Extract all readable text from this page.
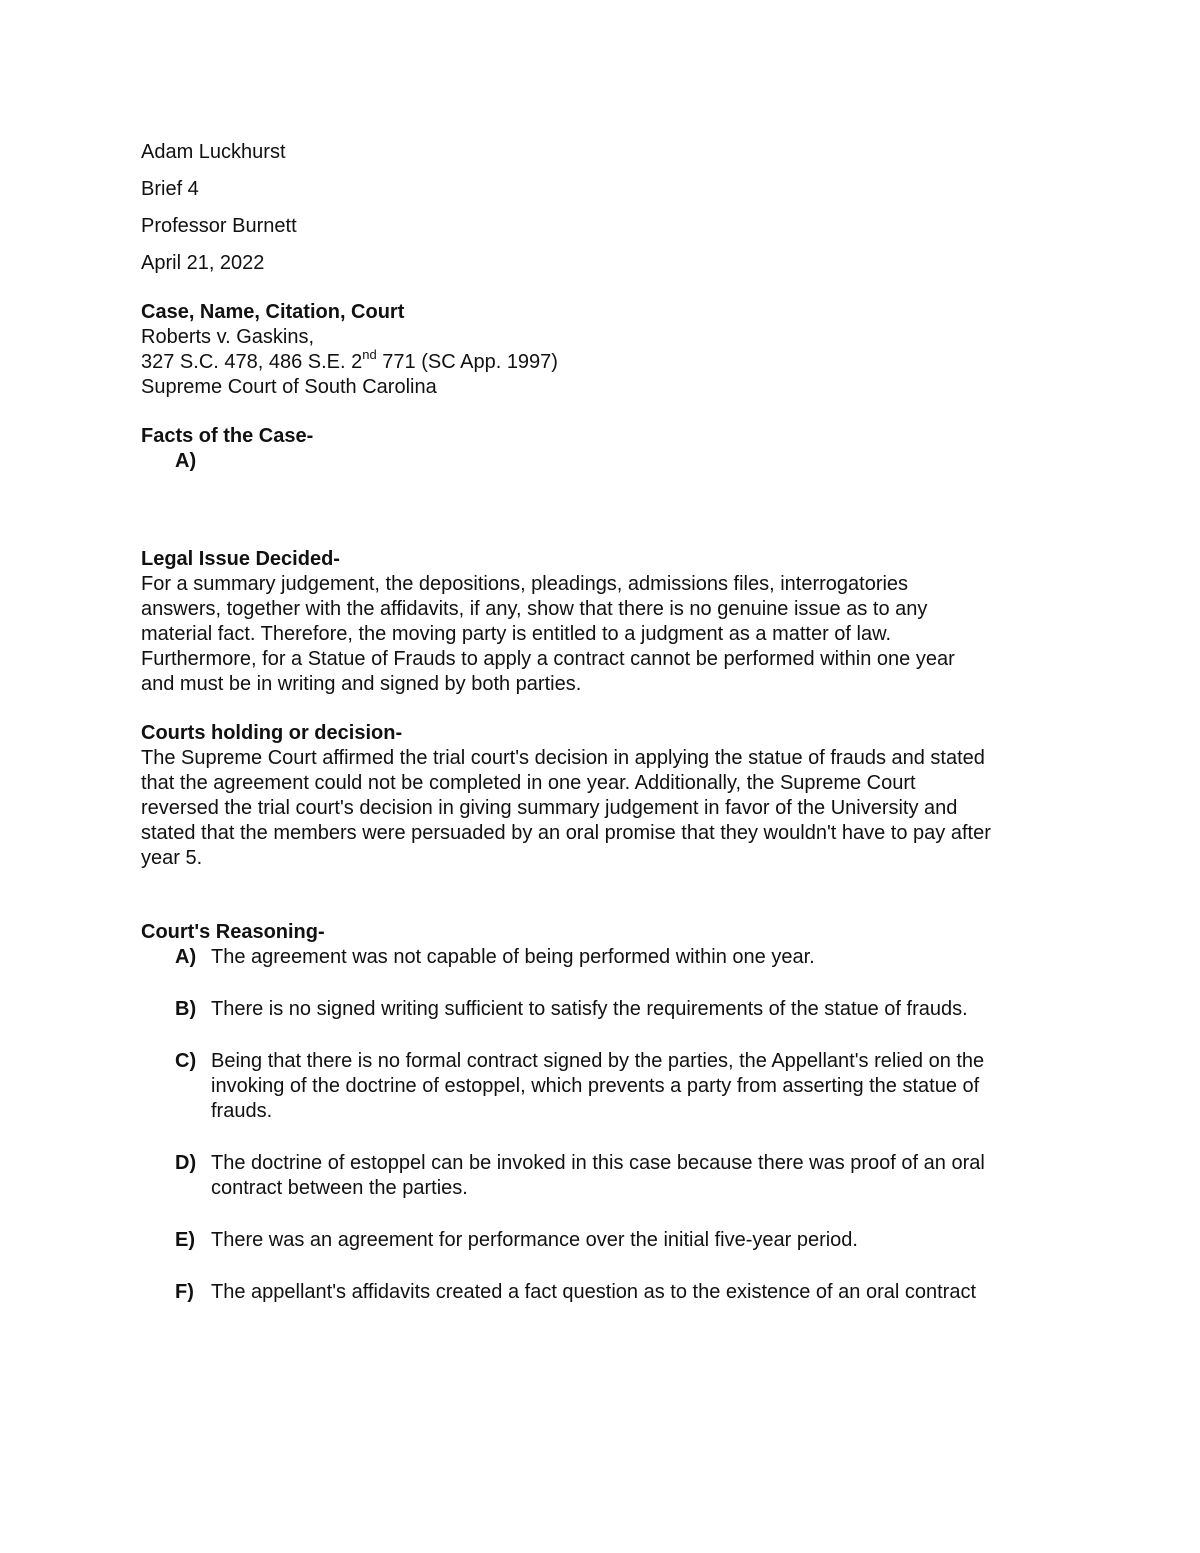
Adam Luckhurst
Brief 4
Professor Burnett
April 21, 2022
Case, Name, Citation, Court
Roberts v. Gaskins,
327 S.C. 478, 486 S.E. 2nd 771 (SC App. 1997)
Supreme Court of South Carolina
Facts of the Case-
A)
Legal Issue Decided-
For a summary judgement, the depositions, pleadings, admissions files, interrogatories
answers, together with the affidavits, if any, show that there is no genuine issue as to any
material fact. Therefore, the moving party is entitled to a judgment as a matter of law.
Furthermore, for a Statue of Frauds to apply a contract cannot be performed within one year
and must be in writing and signed by both parties.
Courts holding or decision-
The Supreme Court affirmed the trial court's decision in applying the statue of frauds and stated
that the agreement could not be completed in one year. Additionally, the Supreme Court
reversed the trial court's decision in giving summary judgement in favor of the University and
stated that the members were persuaded by an oral promise that they wouldn't have to pay after
year 5.
Court's Reasoning-
A) The agreement was not capable of being performed within one year.
B) There is no signed writing sufficient to satisfy the requirements of the statue of frauds.
C) Being that there is no formal contract signed by the parties, the Appellant's relied on the
invoking of the doctrine of estoppel, which prevents a party from asserting the statue of
frauds.
D) The doctrine of estoppel can be invoked in this case because there was proof of an oral
contract between the parties.
E) There was an agreement for performance over the initial five-year period.
F) The appellant's affidavits created a fact question as to the existence of an oral contract
